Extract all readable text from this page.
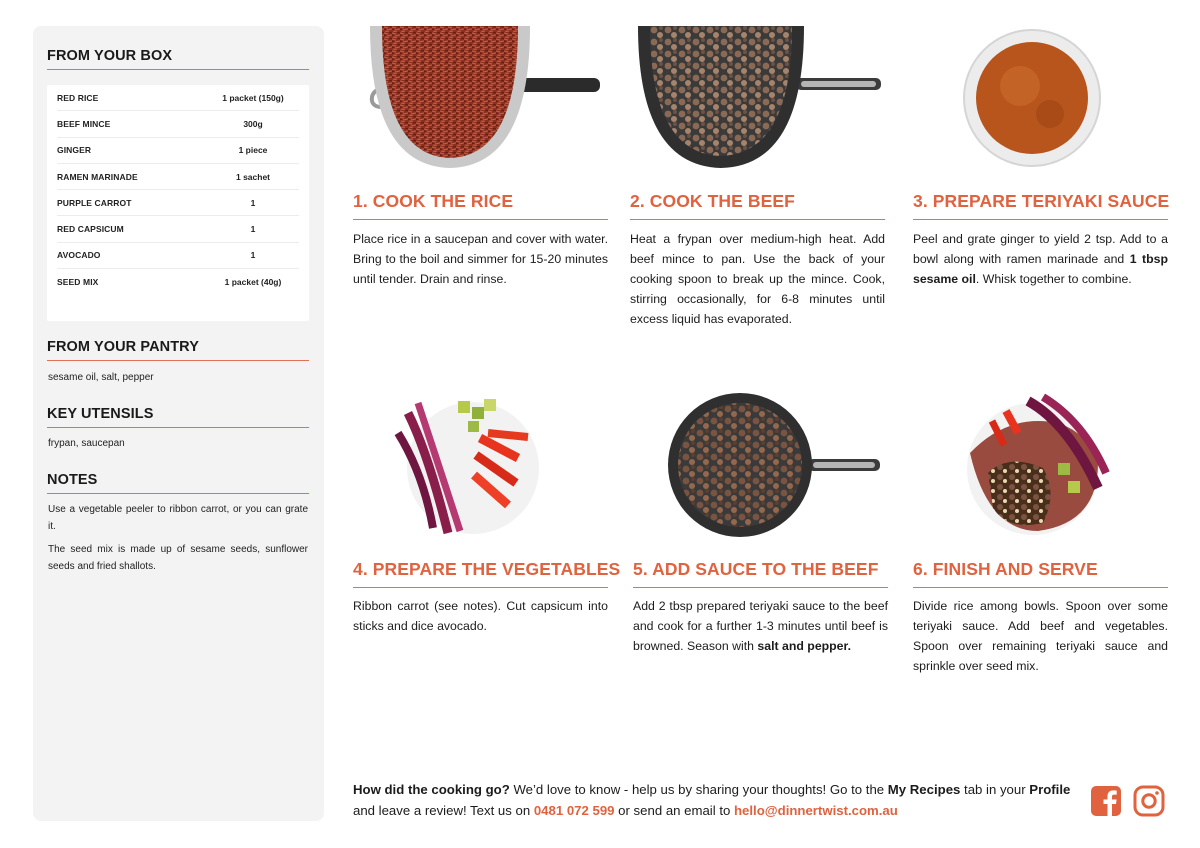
FROM YOUR BOX
RED RICE	1 packet (150g)
BEEF MINCE	300g
GINGER	1 piece
RAMEN MARINADE	1 sachet
PURPLE CARROT	1
RED CAPSICUM	1
AVOCADO	1
SEED MIX	1 packet (40g)
FROM YOUR PANTRY
sesame oil, salt, pepper
KEY UTENSILS
frypan, saucepan
NOTES

Use a vegetable peeler to ribbon carrot, or you can grate it.

The seed mix is made up of sesame seeds, sunflower seeds and fried shallots.

1. COOK THE RICE
Place rice in a saucepan and cover with water. Bring to the boil and simmer for 15-20 minutes until tender. Drain and rinse.
2. COOK THE BEEF
Heat a frypan over medium-high heat. Add beef mince to pan. Use the back of your cooking spoon to break up the mince. Cook, stirring occasionally, for 6-8 minutes until excess liquid has evaporated.
3. PREPARE TERIYAKI SAUCE
Peel and grate ginger to yield 2 tsp. Add to a bowl along with ramen marinade and 1 tbsp sesame oil. Whisk together to combine.
4. PREPARE THE VEGETABLES
Ribbon carrot (see notes). Cut capsicum into sticks and dice avocado.
5. ADD SAUCE TO THE BEEF
Add 2 tbsp prepared teriyaki sauce to the beef and cook for a further 1-3 minutes until beef is browned. Season with salt and pepper.
6. FINISH AND SERVE
Divide rice among bowls. Spoon over some teriyaki sauce. Add beef and vegetables. Spoon over remaining teriyaki sauce and sprinkle over seed mix.
How did the cooking go? We’d love to know - help us by sharing your thoughts! Go to the My Recipes tab in your Profile and leave a review! Text us on 0481 072 599 or send an email to hello@dinnertwist.com.au
